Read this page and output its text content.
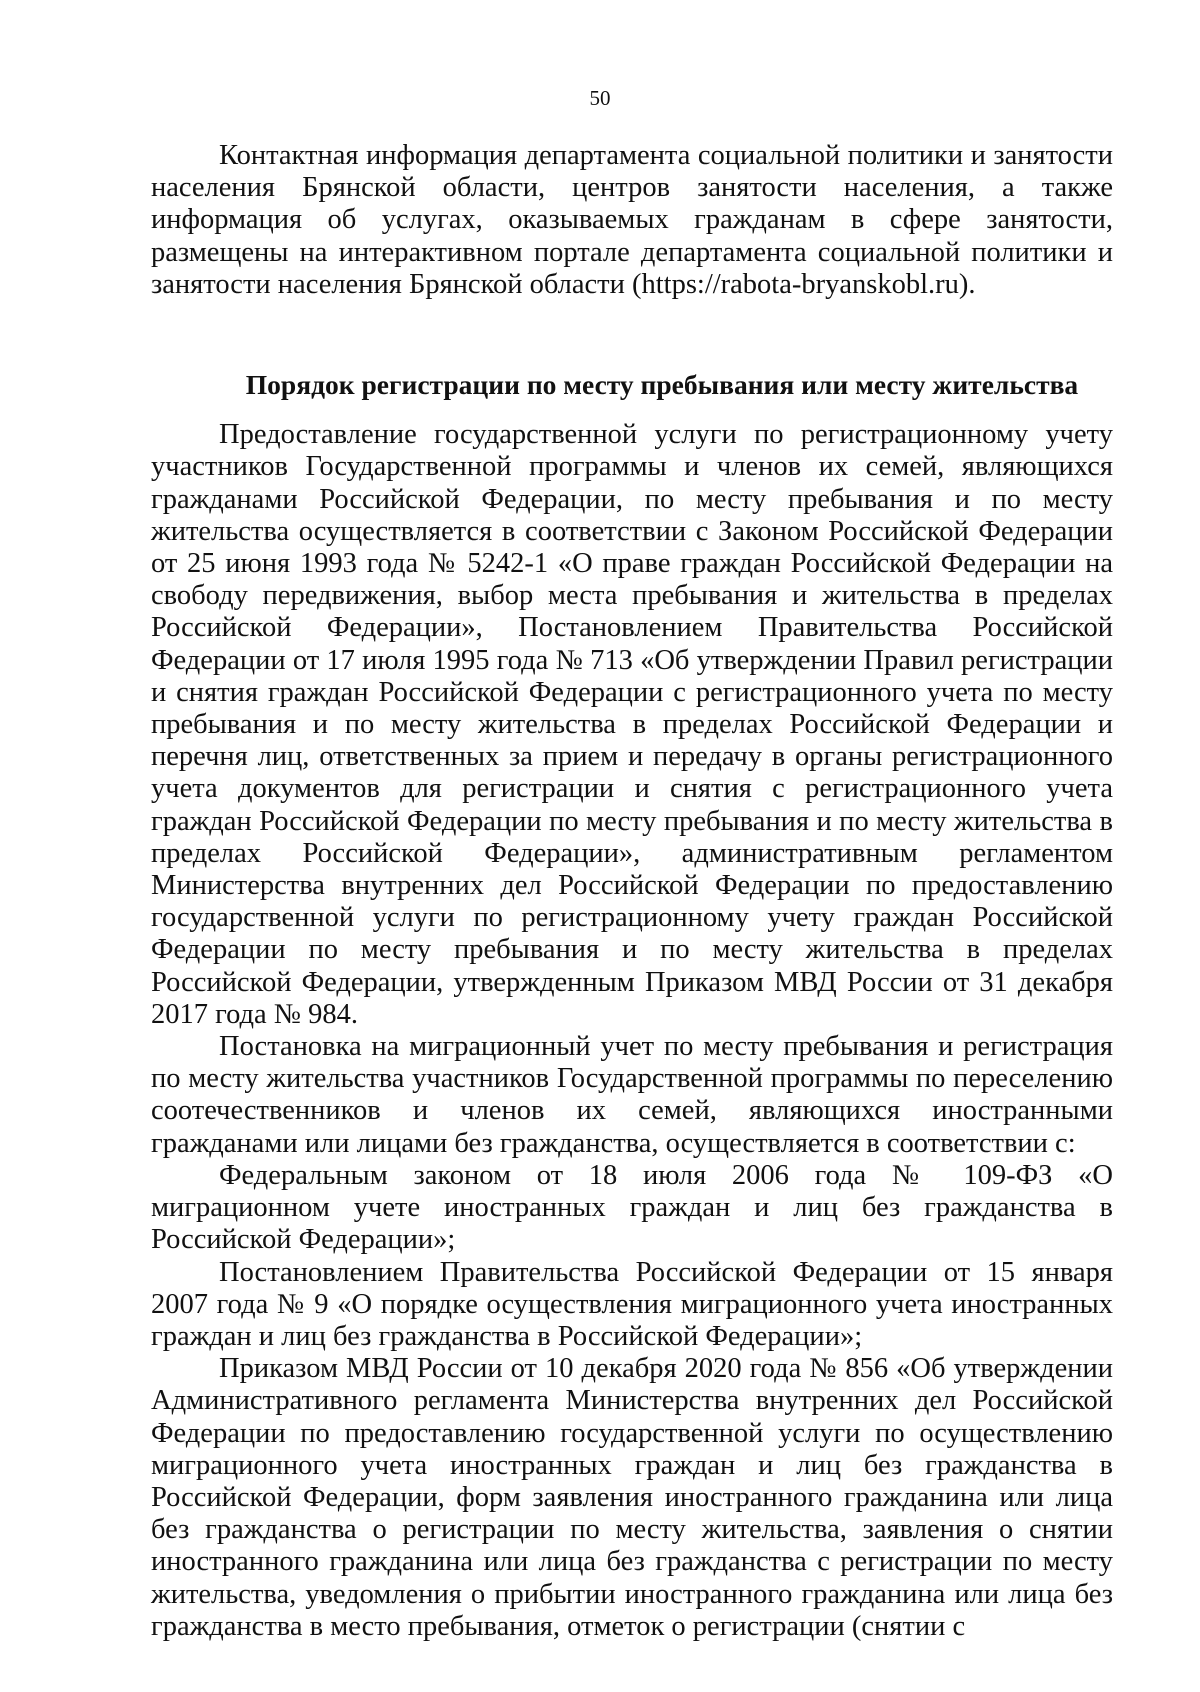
50

Контактная информация департамента социальной политики и занятости населения Брянской области, центров занятости населения, а также информация об услугах, оказываемых гражданам в сфере занятости, размещены на интерактивном портале департамента социальной политики и занятости населения Брянской области (https://rabota-bryanskobl.ru).

Порядок регистрации по месту пребывания или месту жительства

Предоставление государственной услуги по регистрационному учету участников Государственной программы и членов их семей, являющихся гражданами Российской Федерации, по месту пребывания и по месту жительства осуществляется в соответствии с Законом Российской Федерации от 25 июня 1993 года № 5242-1 «О праве граждан Российской Федерации на свободу передвижения, выбор места пребывания и жительства в пределах Российской Федерации», Постановлением Правительства Российской Федерации от 17 июля 1995 года № 713 «Об утверждении Правил регистрации и снятия граждан Российской Федерации с регистрационного учета по месту пребывания и по месту жительства в пределах Российской Федерации и перечня лиц, ответственных за прием и передачу в органы регистрационного учета документов для регистрации и снятия с регистрационного учета граждан Российской Федерации по месту пребывания и по месту жительства в пределах Российской Федерации», административным регламентом Министерства внутренних дел Российской Федерации по предоставлению государственной услуги по регистрационному учету граждан Российской Федерации по месту пребывания и по месту жительства в пределах Российской Федерации, утвержденным Приказом МВД России от 31 декабря 2017 года № 984.

Постановка на миграционный учет по месту пребывания и регистрация по месту жительства участников Государственной программы по переселению соотечественников и членов их семей, являющихся иностранными гражданами или лицами без гражданства, осуществляется в соответствии с:

Федеральным законом от 18 июля 2006 года № 109-ФЗ «О миграционном учете иностранных граждан и лиц без гражданства в Российской Федерации»;

Постановлением Правительства Российской Федерации от 15 января 2007 года № 9 «О порядке осуществления миграционного учета иностранных граждан и лиц без гражданства в Российской Федерации»;

Приказом МВД России от 10 декабря 2020 года № 856 «Об утверждении Административного регламента Министерства внутренних дел Российской Федерации по предоставлению государственной услуги по осуществлению миграционного учета иностранных граждан и лиц без гражданства в Российской Федерации, форм заявления иностранного гражданина или лица без гражданства о регистрации по месту жительства, заявления о снятии иностранного гражданина или лица без гражданства с регистрации по месту жительства, уведомления о прибытии иностранного гражданина или лица без гражданства в место пребывания, отметок о регистрации (снятии с
